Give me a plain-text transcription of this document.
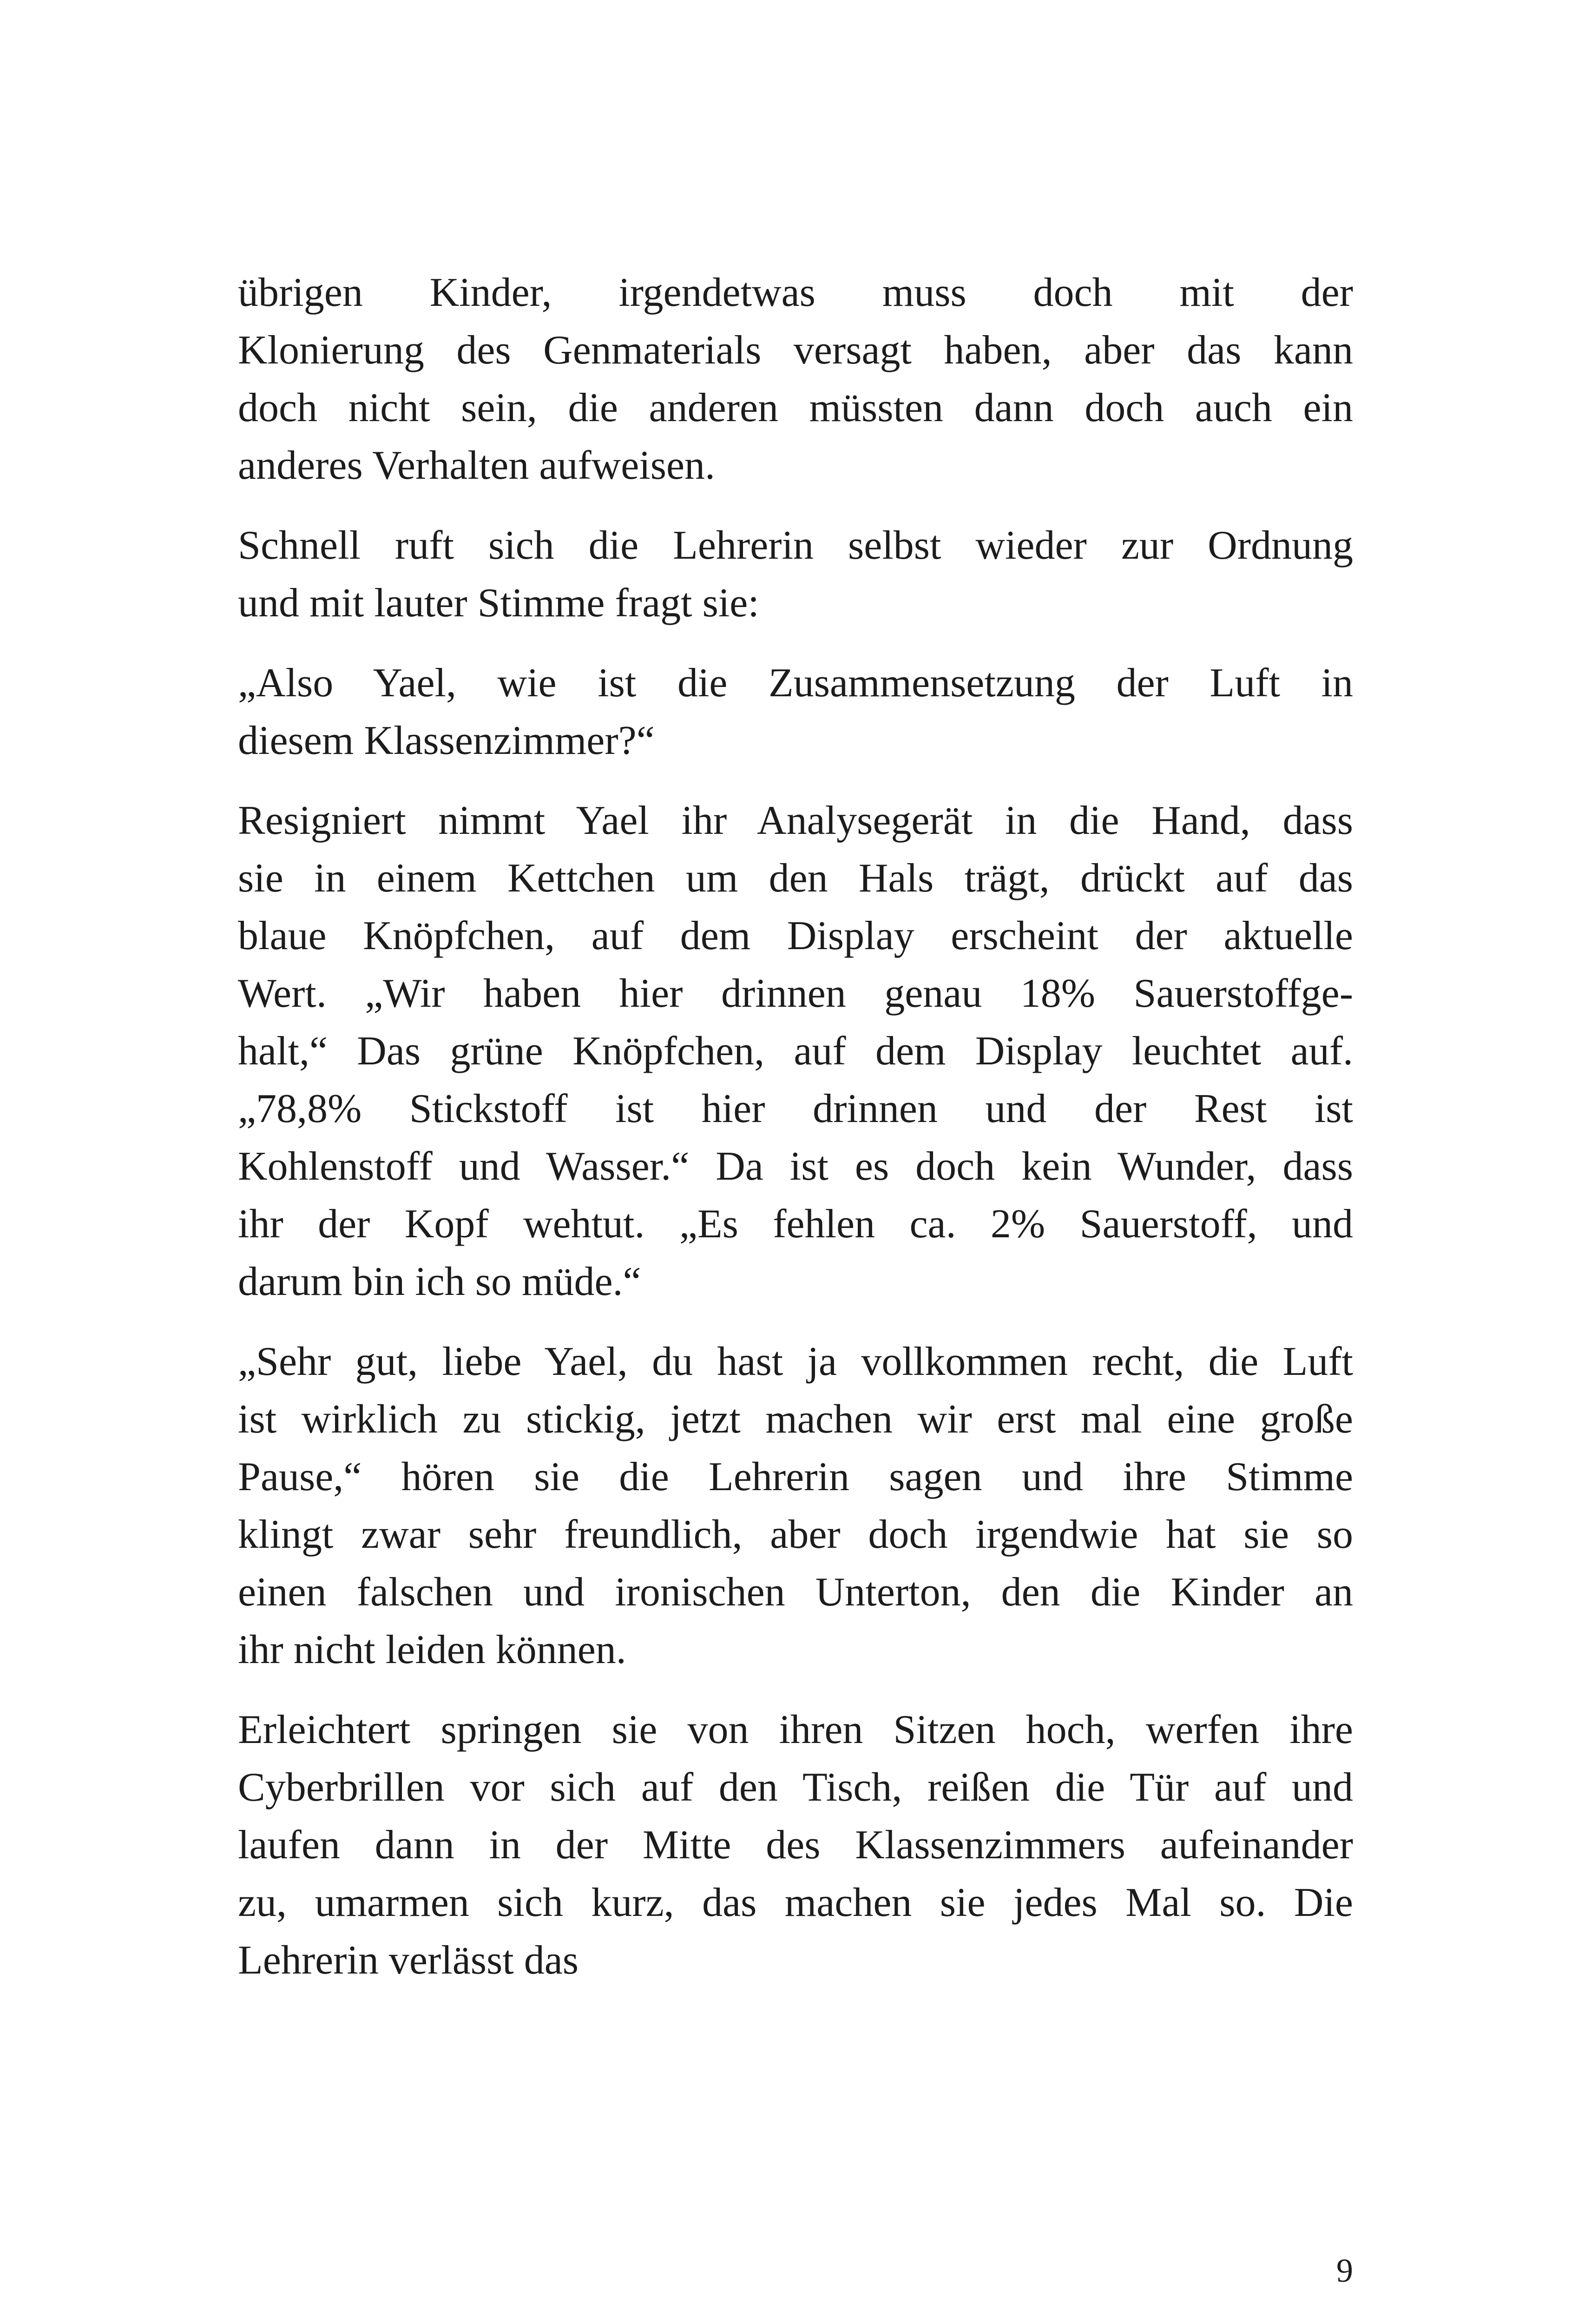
übrigen Kinder, irgendetwas muss doch mit der
Klonierung des Genmaterials versagt haben, aber das kann
doch nicht sein, die anderen müssten dann doch auch ein
anderes Verhalten aufweisen.

Schnell ruft sich die Lehrerin selbst wieder zur Ordnung
und mit lauter Stimme fragt sie:

„Also Yael, wie ist die Zusammensetzung der Luft in
diesem Klassenzimmer?“

Resigniert nimmt Yael ihr Analysegerät in die Hand, dass
sie in einem Kettchen um den Hals trägt, drückt auf das
blaue Knöpfchen, auf dem Display erscheint der aktuelle
Wert. „Wir haben hier drinnen genau 18% Sauerstoffge-
halt,“ Das grüne Knöpfchen, auf dem Display leuchtet auf.
„78,8% Stickstoff ist hier drinnen und der Rest ist
Kohlenstoff und Wasser.“ Da ist es doch kein Wunder, dass
ihr der Kopf wehtut. „Es fehlen ca. 2% Sauerstoff, und
darum bin ich so müde.“

„Sehr gut, liebe Yael, du hast ja vollkommen recht, die Luft
ist wirklich zu stickig, jetzt machen wir erst mal eine große
Pause,“ hören sie die Lehrerin sagen und ihre Stimme
klingt zwar sehr freundlich, aber doch irgendwie hat sie so
einen falschen und ironischen Unterton, den die Kinder an
ihr nicht leiden können.

Erleichtert springen sie von ihren Sitzen hoch, werfen ihre
Cyberbrillen vor sich auf den Tisch, reißen die Tür auf und
laufen dann in der Mitte des Klassenzimmers aufeinander
zu, umarmen sich kurz, das machen sie jedes Mal so. Die
Lehrerin verlässt das

9
